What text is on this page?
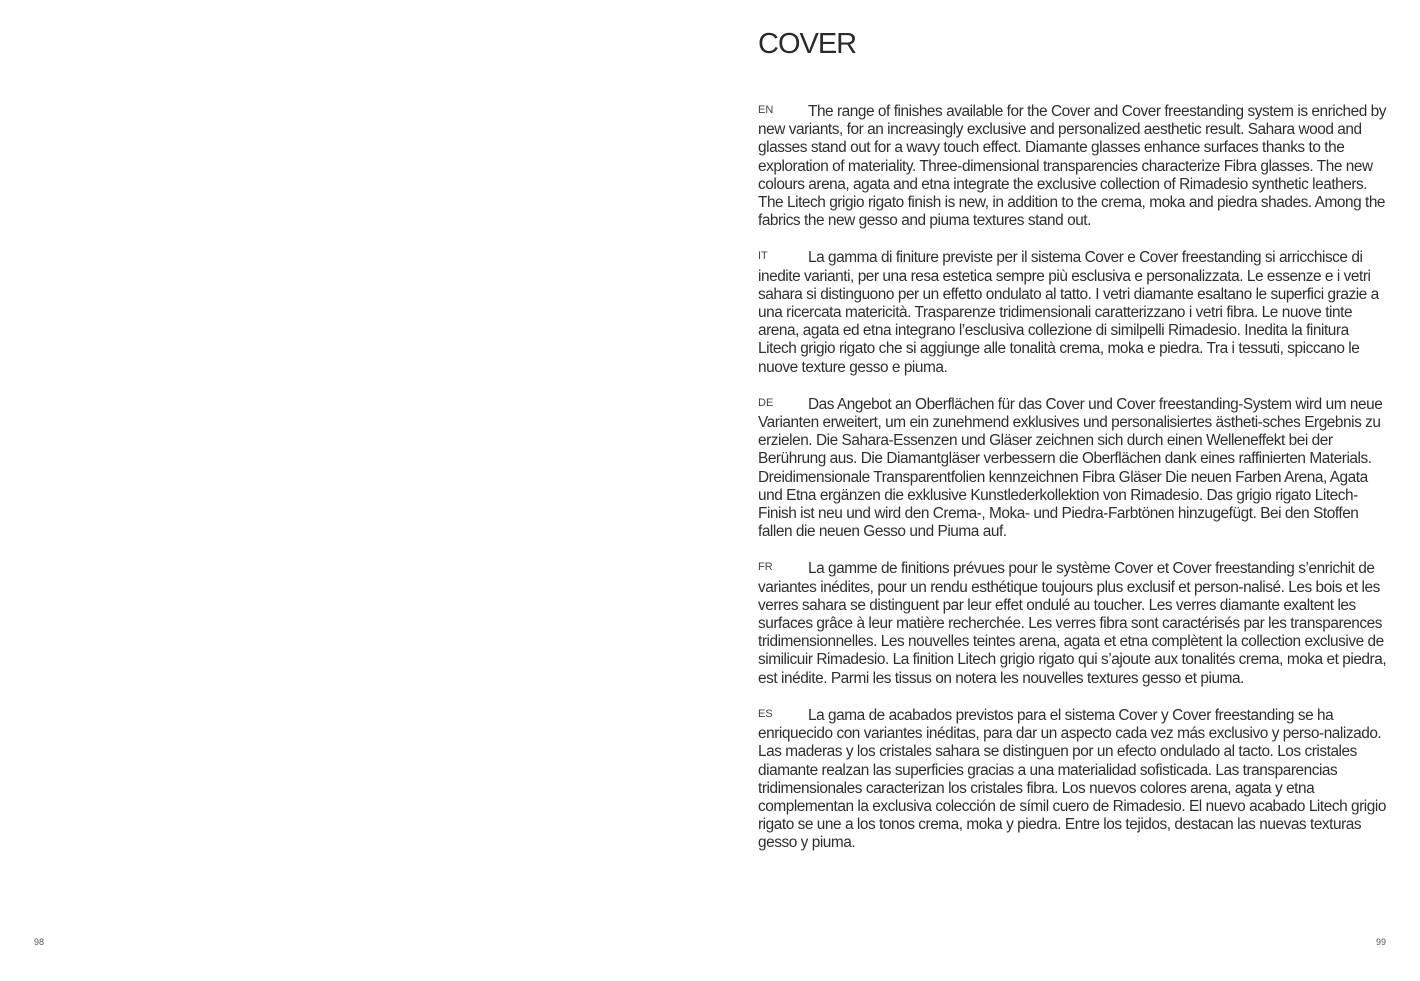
98
COVER

EN The range of finishes available for the Cover and Cover freestanding system is enriched by new variants, for an increasingly exclusive and personalized aesthetic result. Sahara wood and glasses stand out for a wavy touch effect. Diamante glasses enhance surfaces thanks to the exploration of materiality. Three-dimensional transparencies characterize Fibra glasses. The new colours arena, agata and etna integrate the exclusive collection of Rimadesio synthetic leathers. The Litech grigio rigato finish is new, in addition to the crema, moka and piedra shades. Among the fabrics the new gesso and piuma textures stand out.

IT	La gamma di finiture previste per il sistema Cover e Cover freestanding si arricchisce di inedite varianti, per una resa estetica sempre più esclusiva e personalizzata. Le essenze e i vetri sahara si distinguono per un effetto ondulato al tatto. I vetri diamante esaltano le superfici grazie a una ricercata matericità. Trasparenze tridimensionali caratterizzano i vetri fibra. Le nuove tinte arena, agata ed etna integrano l’esclusiva collezione di similpelli Rimadesio. Inedita la finitura Litech grigio rigato che si aggiunge alle tonalità crema, moka e piedra. Tra i tessuti, spiccano le nuove texture gesso e piuma.

DE Das Angebot an Oberflächen für das Cover und Cover freestanding-System wird um neue Varianten erweitert, um ein zunehmend exklusives und personalisiertes ästheti-sches Ergebnis zu erzielen. Die Sahara-Essenzen und Gläser zeichnen sich durch einen Welleneffekt bei der Berührung aus. Die Diamantgläser verbessern die Oberflächen dank eines raffinierten Materials. Dreidimensionale Transparentfolien kennzeichnen Fibra Gläser Die neuen Farben Arena, Agata und Etna ergänzen die exklusive Kunstlederkollektion von Rimadesio. Das grigio rigato Litech-Finish ist neu und wird den Crema-, Moka- und Piedra-Farbtönen hinzugefügt. Bei den Stoffen fallen die neuen Gesso und Piuma auf.

FR La gamme de finitions prévues pour le système Cover et Cover freestanding s’enrichit de variantes inédites, pour un rendu esthétique toujours plus exclusif et person-nalisé. Les bois et les verres sahara se distinguent par leur effet ondulé au toucher. Les verres diamante exaltent les surfaces grâce à leur matière recherchée. Les verres fibra sont caractérisés par les transparences tridimensionnelles. Les nouvelles teintes arena, agata et etna complètent la collection exclusive de similicuir Rimadesio. La finition Litech grigio rigato qui s’ajoute aux tonalités crema, moka et piedra, est inédite. Parmi les tissus on notera les nouvelles textures gesso et piuma.

ES La gama de acabados previstos para el sistema Cover y Cover freestanding se ha enriquecido con variantes inéditas, para dar un aspecto cada vez más exclusivo y perso-nalizado. Las maderas y los cristales sahara se distinguen por un efecto ondulado al tacto. Los cristales diamante realzan las superficies gracias a una materialidad sofisticada. Las transparencias tridimensionales caracterizan los cristales fibra. Los nuevos colores arena, agata y etna complementan la exclusiva colección de símil cuero de Rimadesio. El nuevo acabado Litech grigio rigato se une a los tonos crema, moka y piedra. Entre los tejidos, destacan las nuevas texturas gesso y piuma.

99
